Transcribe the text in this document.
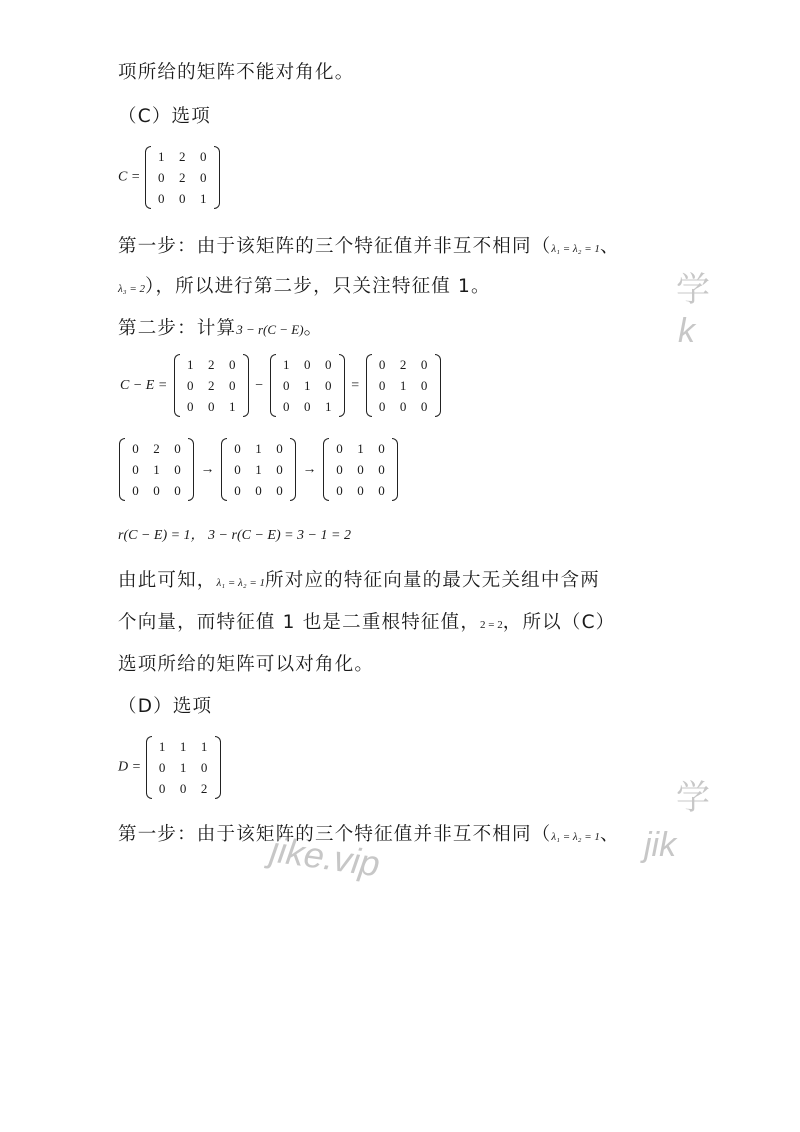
项所给的矩阵不能对角化。
（C）选项
C =
1	2	0
0	2	0
0	0	1
第一步：由于该矩阵的三个特征值并非互不相同（λ₁ = λ₂ = 1、
λ₃ = 2），所以进行第二步，只关注特征值 1。
第二步：计算3 − r(C − E)。
C − E =
1	2	0
0	2	0
0	0	1
−
1	0	0
0	1	0
0	0	1
=
0	2	0
0	1	0
0	0	0
0	2	0
0	1	0
0	0	0
→
0	1	0
0	1	0
0	0	0
→
0	1	0
0	0	0
0	0	0
r(C − E) = 1， 3 − r(C − E) = 3 − 1 = 2
由此可知，λ₁ = λ₂ = 1所对应的特征向量的最大无关组中含两
个向量，而特征值 1 也是二重根特征值，2 = 2，所以（C）
选项所给的矩阵可以对角化。
（D）选项
D =
1	1	1
0	1	0
0	0	2
第一步：由于该矩阵的三个特征值并非互不相同（λ₁ = λ₂ = 1、
jike.vip
学
k
学
jik
